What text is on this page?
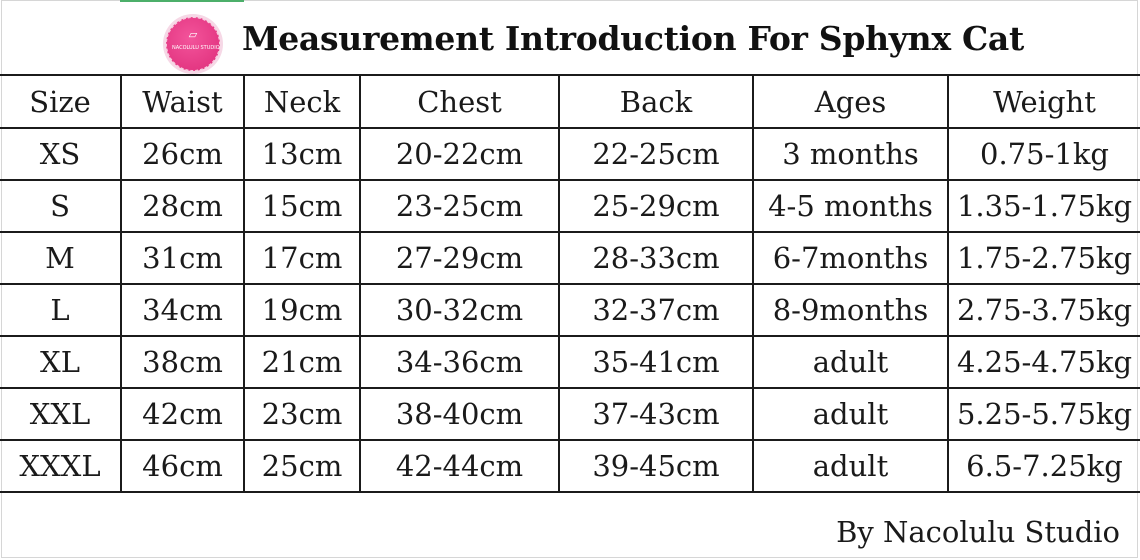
▱
NACOLULU STUDIO Measurement Introduction For Sphynx Cat
Size	Waist	Neck	Chest	Back	Ages	Weight
XS	26cm	13cm	20-22cm	22-25cm	3 months	0.75-1kg
S	28cm	15cm	23-25cm	25-29cm	4-5 months	1.35-1.75kg
M	31cm	17cm	27-29cm	28-33cm	6-7months	1.75-2.75kg
L	34cm	19cm	30-32cm	32-37cm	8-9months	2.75-3.75kg
XL	38cm	21cm	34-36cm	35-41cm	adult	4.25-4.75kg
XXL	42cm	23cm	38-40cm	37-43cm	adult	5.25-5.75kg
XXXL	46cm	25cm	42-44cm	39-45cm	adult	6.5-7.25kg
By Nacolulu Studio
